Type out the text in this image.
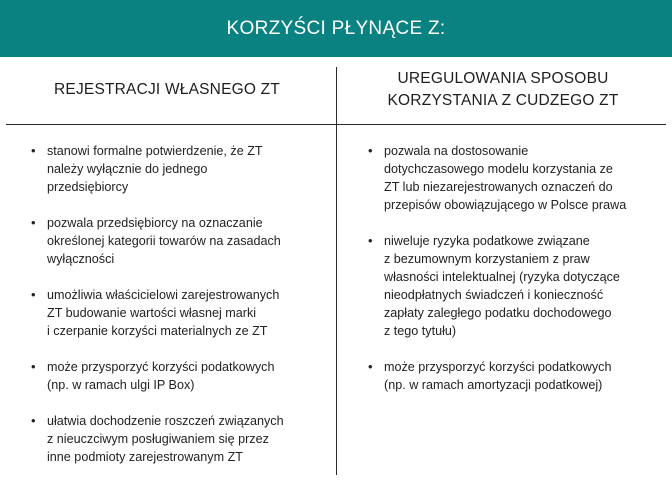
KORZYŚCI PŁYNĄCE Z:
REJESTRACJI WŁASNEGO ZT
UREGULOWANIA SPOSOBU
KORZYSTANIA Z CUDZEGO ZT
• stanowi formalne potwierdzenie, że ZT
należy wyłącznie do jednego
przedsiębiorcy
• pozwala przedsiębiorcy na oznaczanie
określonej kategorii towarów na zasadach
wyłączności
• umożliwia właścicielowi zarejestrowanych
ZT budowanie wartości własnej marki
i czerpanie korzyści materialnych ze ZT
• może przysporzyć korzyści podatkowych
(np. w ramach ulgi IP Box)
• ułatwia dochodzenie roszczeń związanych
z nieuczciwym posługiwaniem się przez
inne podmioty zarejestrowanym ZT
• pozwala na dostosowanie
dotychczasowego modelu korzystania ze
ZT lub niezarejestrowanych oznaczeń do
przepisów obowiązującego w Polsce prawa
• niweluje ryzyka podatkowe związane
z bezumownym korzystaniem z praw
własności intelektualnej (ryzyka dotyczące
nieodpłatnych świadczeń i konieczność
zapłaty zaległego podatku dochodowego
z tego tytułu)
• może przysporzyć korzyści podatkowych
(np. w ramach amortyzacji podatkowej)
